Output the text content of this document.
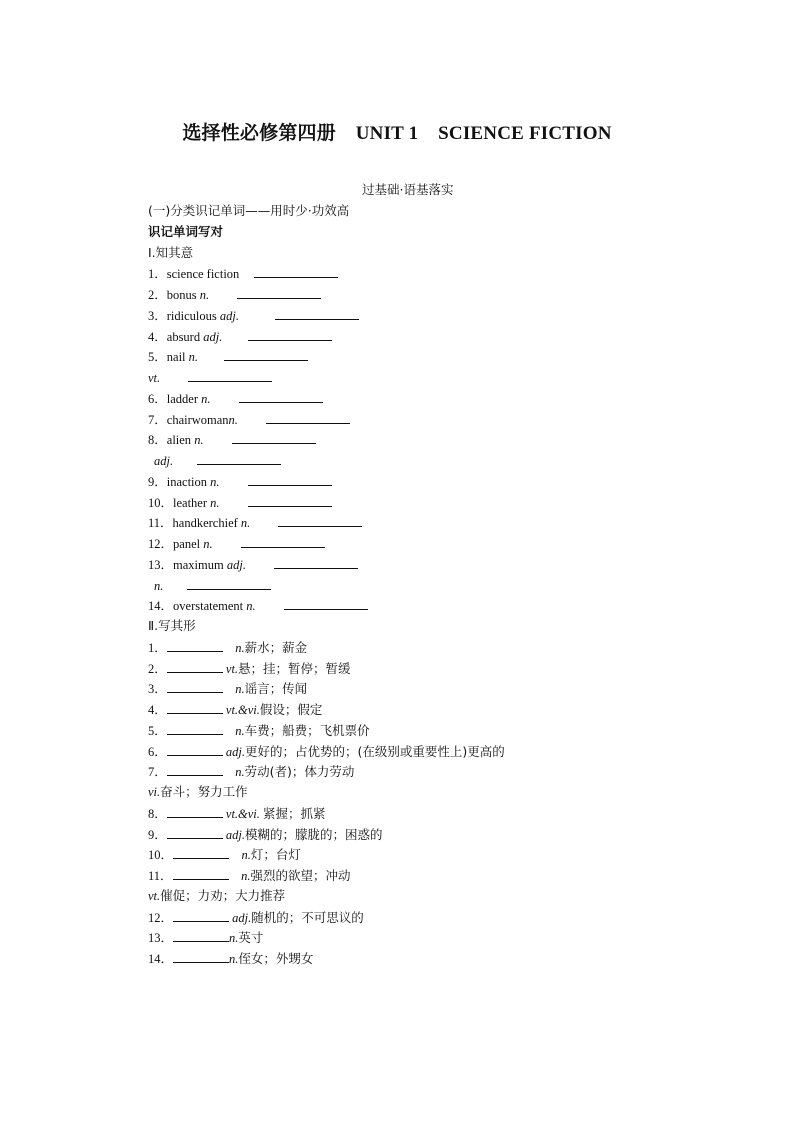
选择性必修第四册    UNIT 1    SCIENCE FICTION
过基础·语基落实
(一)分类识记单词——用时少·功效高
识记单词写对
Ⅰ.知其意
1．science fiction
2．bonus n.
3．ridiculous adj.
4．absurd adj.
5．nail n.
vt.
6．ladder n.
7．chairwomann.
8．alien n.
adj.
9．inaction n.
10．leather n.
11．handkerchief n.
12．panel n.
13．maximum adj.
n.
14．overstatement n.
Ⅱ.写其形
1．　	n.薪水；薪金
2．	vt.悬；挂；暂停；暂缓
3．　	n.谣言；传闻
4．	vt.&vi.假设；假定
5．　	n.车费；船费；飞机票价
6．	adj.更好的；占优势的；(在级别或重要性上)更高的
7．　	n.劳动(者)；体力劳动
vi.奋斗；努力工作
8．	vt.&vi. 紧握；抓紧
9．	adj.模糊的；朦胧的；困惑的
10．　	n.灯；台灯
11．　	n.强烈的欲望；冲动
vt.催促；力劝；大力推荐
12．	adj.随机的；不可思议的
13．	n.英寸
14．	n.侄女；外甥女
